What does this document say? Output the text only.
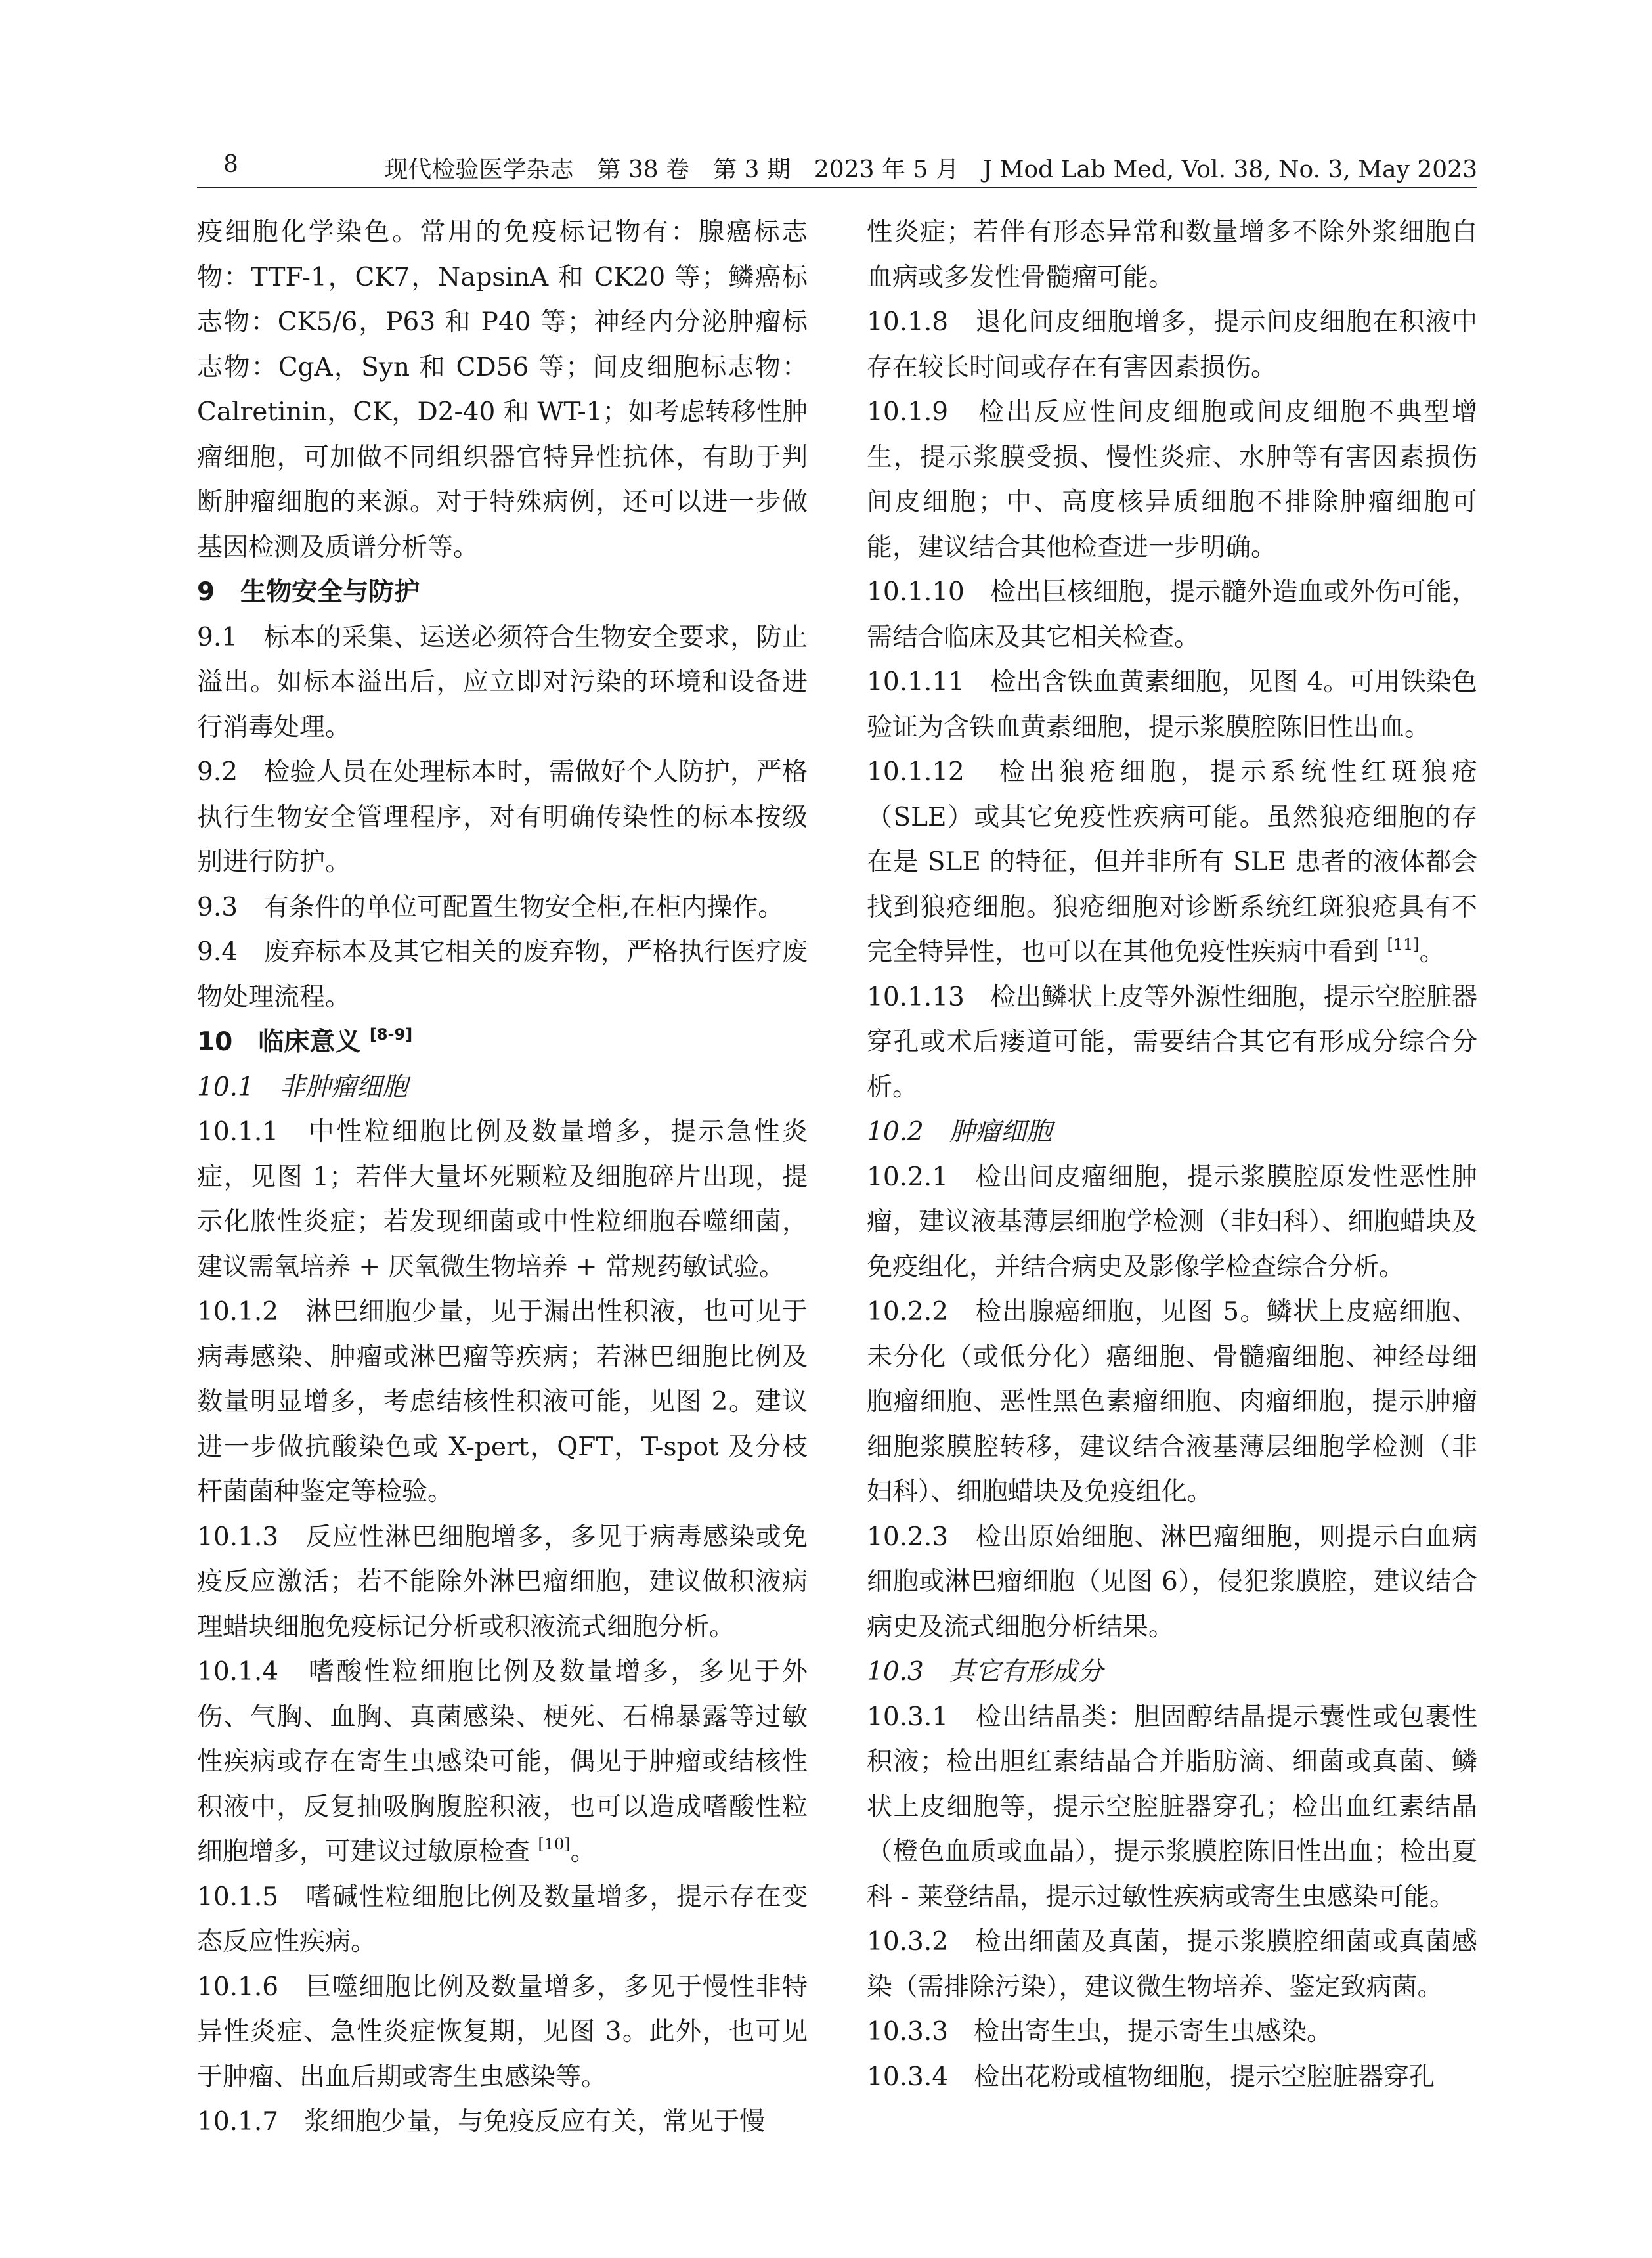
8	现代检验医学杂志　第 38 卷　第 3 期　2023 年 5 月　J Mod Lab Med, Vol. 38, No. 3, May 2023

疫细胞化学染色。常用的免疫标记物有：腺癌标志物：TTF-1，CK7，NapsinA 和 CK20 等；鳞癌标志物：CK5/6，P63 和 P40 等；神经内分泌肿瘤标志物：CgA，Syn 和 CD56 等；间皮细胞标志物：Calretinin，CK，D2-40 和 WT-1；如考虑转移性肿瘤细胞，可加做不同组织器官特异性抗体，有助于判断肿瘤细胞的来源。对于特殊病例，还可以进一步做基因检测及质谱分析等。

9　生物安全与防护

9.1　标本的采集、运送必须符合生物安全要求，防止溢出。如标本溢出后，应立即对污染的环境和设备进行消毒处理。

9.2　检验人员在处理标本时，需做好个人防护，严格执行生物安全管理程序，对有明确传染性的标本按级别进行防护。

9.3　有条件的单位可配置生物安全柜,在柜内操作。

9.4　废弃标本及其它相关的废弃物，严格执行医疗废物处理流程。

10　临床意义 [8-9]

10.1　非肿瘤细胞

10.1.1　中性粒细胞比例及数量增多，提示急性炎症，见图 1；若伴大量坏死颗粒及细胞碎片出现，提示化脓性炎症；若发现细菌或中性粒细胞吞噬细菌，建议需氧培养 + 厌氧微生物培养 + 常规药敏试验。

10.1.2　淋巴细胞少量，见于漏出性积液，也可见于病毒感染、肿瘤或淋巴瘤等疾病；若淋巴细胞比例及数量明显增多，考虑结核性积液可能，见图 2。建议进一步做抗酸染色或 X-pert，QFT，T-spot 及分枝杆菌菌种鉴定等检验。

10.1.3　反应性淋巴细胞增多，多见于病毒感染或免疫反应激活；若不能除外淋巴瘤细胞，建议做积液病理蜡块细胞免疫标记分析或积液流式细胞分析。

10.1.4　嗜酸性粒细胞比例及数量增多，多见于外伤、气胸、血胸、真菌感染、梗死、石棉暴露等过敏性疾病或存在寄生虫感染可能，偶见于肿瘤或结核性积液中，反复抽吸胸腹腔积液，也可以造成嗜酸性粒细胞增多，可建议过敏原检查 [10]。

10.1.5　嗜碱性粒细胞比例及数量增多，提示存在变态反应性疾病。

10.1.6　巨噬细胞比例及数量增多，多见于慢性非特异性炎症、急性炎症恢复期，见图 3。此外，也可见于肿瘤、出血后期或寄生虫感染等。

10.1.7　浆细胞少量，与免疫反应有关，常见于慢

性炎症；若伴有形态异常和数量增多不除外浆细胞白血病或多发性骨髓瘤可能。

10.1.8　退化间皮细胞增多，提示间皮细胞在积液中存在较长时间或存在有害因素损伤。

10.1.9　检出反应性间皮细胞或间皮细胞不典型增生，提示浆膜受损、慢性炎症、水肿等有害因素损伤间皮细胞；中、高度核异质细胞不排除肿瘤细胞可能，建议结合其他检查进一步明确。

10.1.10　检出巨核细胞，提示髓外造血或外伤可能，需结合临床及其它相关检查。

10.1.11　检出含铁血黄素细胞，见图 4。可用铁染色验证为含铁血黄素细胞，提示浆膜腔陈旧性出血。

10.1.12　检出狼疮细胞，提示系统性红斑狼疮（SLE）或其它免疫性疾病可能。虽然狼疮细胞的存在是 SLE 的特征，但并非所有 SLE 患者的液体都会找到狼疮细胞。狼疮细胞对诊断系统红斑狼疮具有不完全特异性，也可以在其他免疫性疾病中看到 [11]。

10.1.13　检出鳞状上皮等外源性细胞，提示空腔脏器穿孔或术后瘘道可能，需要结合其它有形成分综合分析。

10.2　肿瘤细胞

10.2.1　检出间皮瘤细胞，提示浆膜腔原发性恶性肿瘤，建议液基薄层细胞学检测（非妇科）、细胞蜡块及免疫组化，并结合病史及影像学检查综合分析。

10.2.2　检出腺癌细胞，见图 5。鳞状上皮癌细胞、未分化（或低分化）癌细胞、骨髓瘤细胞、神经母细胞瘤细胞、恶性黑色素瘤细胞、肉瘤细胞，提示肿瘤细胞浆膜腔转移，建议结合液基薄层细胞学检测（非妇科）、细胞蜡块及免疫组化。

10.2.3　检出原始细胞、淋巴瘤细胞，则提示白血病细胞或淋巴瘤细胞（见图 6），侵犯浆膜腔，建议结合病史及流式细胞分析结果。

10.3　其它有形成分

10.3.1　检出结晶类：胆固醇结晶提示囊性或包裹性积液；检出胆红素结晶合并脂肪滴、细菌或真菌、鳞状上皮细胞等，提示空腔脏器穿孔；检出血红素结晶（橙色血质或血晶），提示浆膜腔陈旧性出血；检出夏科 - 莱登结晶，提示过敏性疾病或寄生虫感染可能。

10.3.2　检出细菌及真菌，提示浆膜腔细菌或真菌感染（需排除污染），建议微生物培养、鉴定致病菌。

10.3.3　检出寄生虫，提示寄生虫感染。

10.3.4　检出花粉或植物细胞，提示空腔脏器穿孔
